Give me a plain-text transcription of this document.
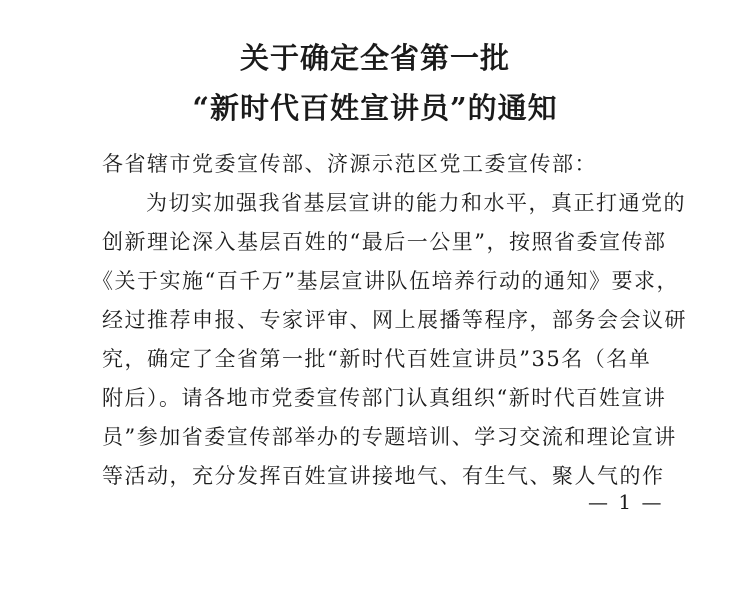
关于确定全省第一批
“新时代百姓宣讲员”的通知
各省辖市党委宣传部、济源示范区党工委宣传部：
为切实加强我省基层宣讲的能力和水平，真正打通党的
创新理论深入基层百姓的“最后一公里”，按照省委宣传部
《关于实施“百千万”基层宣讲队伍培养行动的通知》要求，
经过推荐申报、专家评审、网上展播等程序，部务会会议研
究，确定了全省第一批“新时代百姓宣讲员”35名（名单
附后）。请各地市党委宣传部门认真组织“新时代百姓宣讲
员”参加省委宣传部举办的专题培训、学习交流和理论宣讲
等活动，充分发挥百姓宣讲接地气、有生气、聚人气的作
— 1 —
